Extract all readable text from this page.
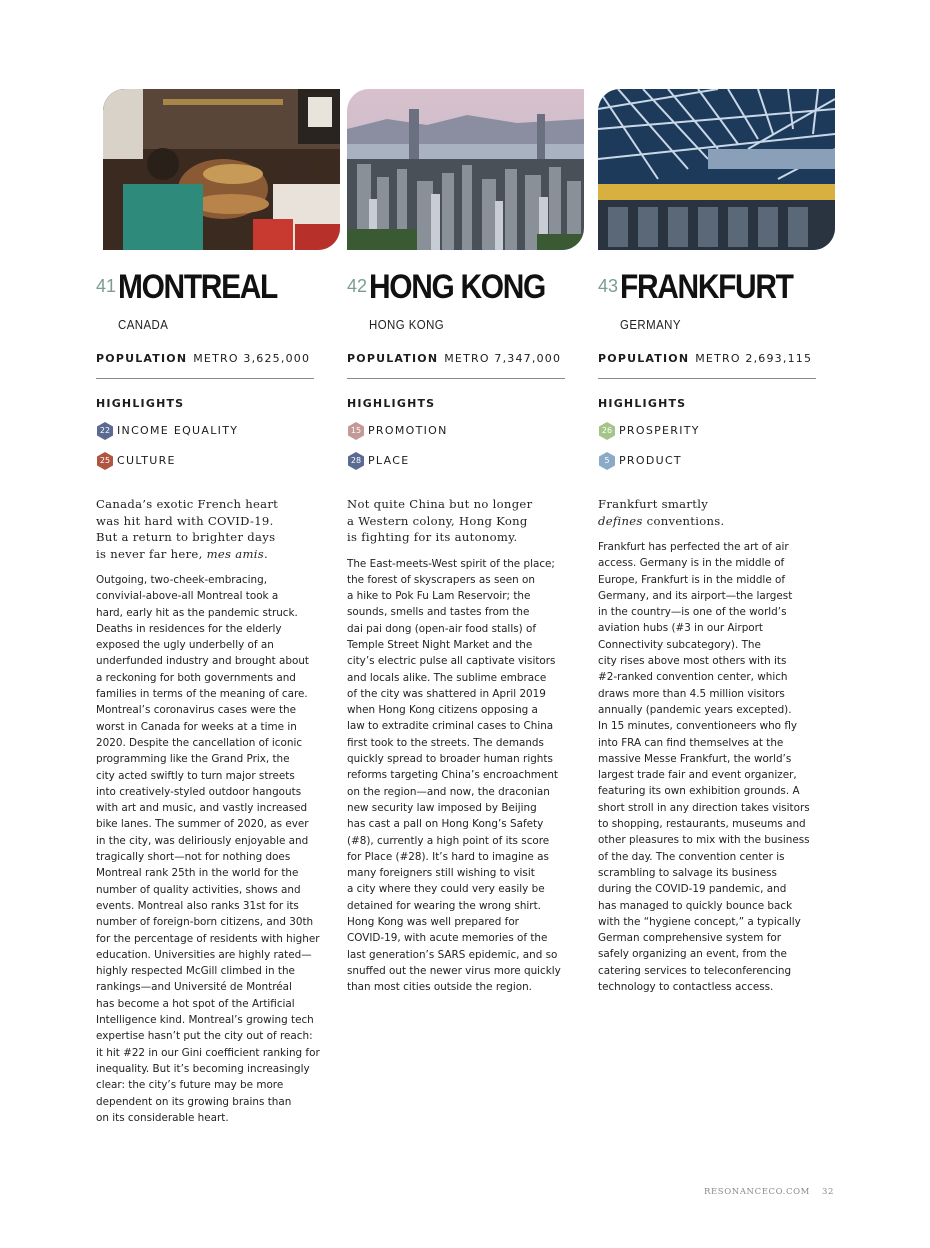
41 MONTREAL
CANADA
POPULATION METRO 3,625,000
HIGHLIGHTS
22 INCOME EQUALITY
25 CULTURE
Canada’s exotic French heart
was hit hard with COVID-19.
But a return to brighter days
is never far here, mes amis.
Outgoing, two-cheek-embracing,
convivial-above-all Montreal took a
hard, early hit as the pandemic struck.
Deaths in residences for the elderly
exposed the ugly underbelly of an
underfunded industry and brought about
a reckoning for both governments and
families in terms of the meaning of care.
Montreal’s coronavirus cases were the
worst in Canada for weeks at a time in
2020. Despite the cancellation of iconic
programming like the Grand Prix, the
city acted swiftly to turn major streets
into creatively-styled outdoor hangouts
with art and music, and vastly increased
bike lanes. The summer of 2020, as ever
in the city, was deliriously enjoyable and
tragically short—not for nothing does
Montreal rank 25th in the world for the
number of quality activities, shows and
events. Montreal also ranks 31st for its
number of foreign-born citizens, and 30th
for the percentage of residents with higher
education. Universities are highly rated—
highly respected McGill climbed in the
rankings—and Université de Montréal
has become a hot spot of the Artificial
Intelligence kind. Montreal’s growing tech
expertise hasn’t put the city out of reach:
it hit #22 in our Gini coefficient ranking for
inequality. But it’s becoming increasingly
clear: the city’s future may be more
dependent on its growing brains than
on its considerable heart.
42 HONG KONG
HONG KONG
POPULATION METRO 7,347,000
HIGHLIGHTS
15 PROMOTION
28 PLACE
Not quite China but no longer
a Western colony, Hong Kong
is fighting for its autonomy.
The East-meets-West spirit of the place;
the forest of skyscrapers as seen on
a hike to Pok Fu Lam Reservoir; the
sounds, smells and tastes from the
dai pai dong (open-air food stalls) of
Temple Street Night Market and the
city’s electric pulse all captivate visitors
and locals alike. The sublime embrace
of the city was shattered in April 2019
when Hong Kong citizens opposing a
law to extradite criminal cases to China
first took to the streets. The demands
quickly spread to broader human rights
reforms targeting China’s encroachment
on the region—and now, the draconian
new security law imposed by Beijing
has cast a pall on Hong Kong’s Safety
(#8), currently a high point of its score
for Place (#28). It’s hard to imagine as
many foreigners still wishing to visit
a city where they could very easily be
detained for wearing the wrong shirt.
Hong Kong was well prepared for
COVID-19, with acute memories of the
last generation’s SARS epidemic, and so
snuffed out the newer virus more quickly
than most cities outside the region.
43 FRANKFURT
GERMANY
POPULATION METRO 2,693,115
HIGHLIGHTS
26 PROSPERITY
5 PRODUCT
Frankfurt smartly
defines conventions.
Frankfurt has perfected the art of air
access. Germany is in the middle of
Europe, Frankfurt is in the middle of
Germany, and its airport—the largest
in the country—is one of the world’s
aviation hubs (#3 in our Airport
Connectivity subcategory). The
city rises above most others with its
#2-ranked convention center, which
draws more than 4.5 million visitors
annually (pandemic years excepted).
In 15 minutes, conventioneers who fly
into FRA can find themselves at the
massive Messe Frankfurt, the world’s
largest trade fair and event organizer,
featuring its own exhibition grounds. A
short stroll in any direction takes visitors
to shopping, restaurants, museums and
other pleasures to mix with the business
of the day. The convention center is
scrambling to salvage its business
during the COVID-19 pandemic, and
has managed to quickly bounce back
with the “hygiene concept,” a typically
German comprehensive system for
safely organizing an event, from the
catering services to teleconferencing
technology to contactless access.
RESONANCECO.COM 32
